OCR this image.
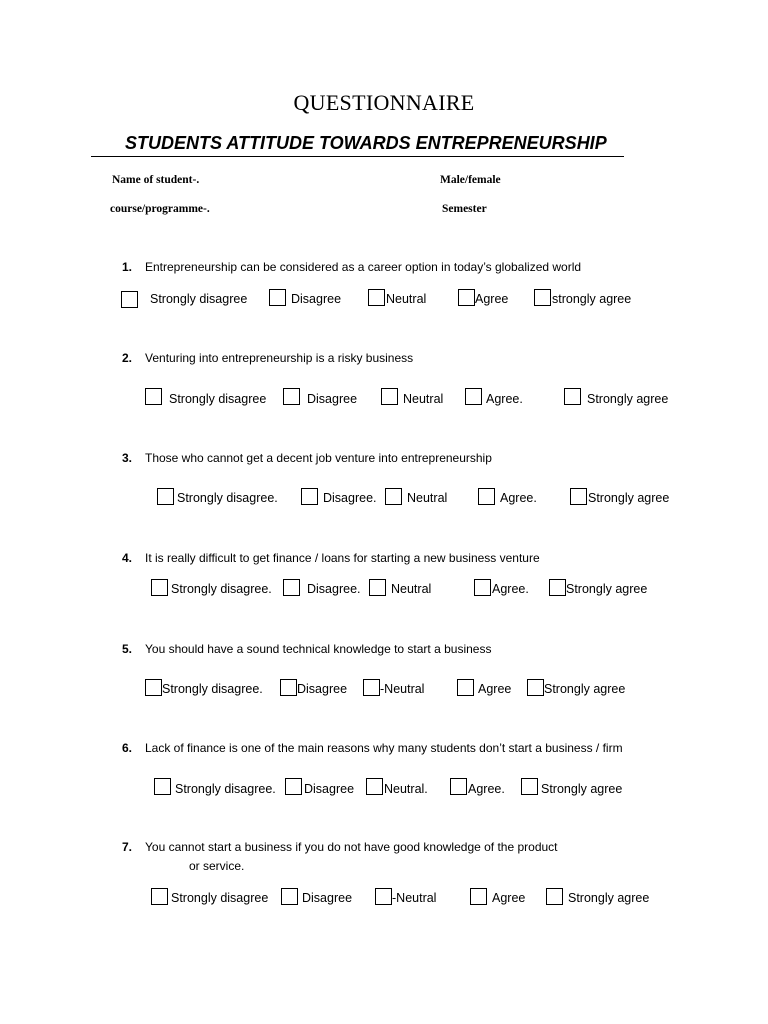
QUESTIONNAIRE
STUDENTS ATTITUDE TOWARDS ENTREPRENEURSHIP
Name of student-.	Male/female
course/programme-.	Semester
1. Entrepreneurship can be considered as a career option in today’s globalized world
Strongly disagree	Disagree	Neutral	Agree	strongly agree
2. Venturing into entrepreneurship is a risky business
Strongly disagree	Disagree	Neutral	Agree.	Strongly agree
3. Those who cannot get a decent job venture into entrepreneurship
Strongly disagree.	Disagree. Neutral	Agree.	Strongly agree
4. It is really difficult to get finance / loans for starting a new business venture
Strongly disagree.	Disagree. Neutral	Agree.	Strongly agree
5. You should have a sound technical knowledge to start a business
Strongly disagree.	Disagree	-Neutral	Agree	Strongly agree
6. Lack of finance is one of the main reasons why many students don’t start a business / firm
Strongly disagree. Disagree Neutral.	Agree.	Strongly agree
7. You cannot start a business if you do not have good knowledge of the product
or service.
Strongly disagree	Disagree	-Neutral	Agree	Strongly agree
